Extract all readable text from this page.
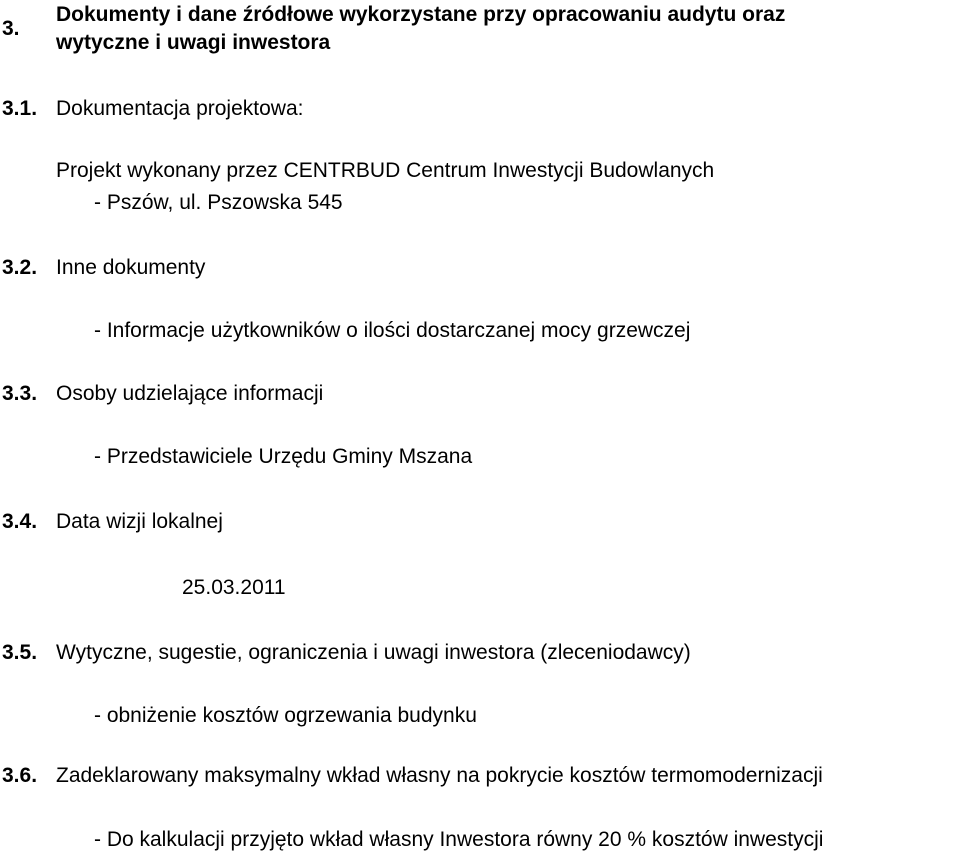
3.
Dokumenty i dane źródłowe wykorzystane przy opracowaniu audytu oraz
wytyczne i uwagi inwestora
3.1. Dokumentacja projektowa:
Projekt wykonany przez CENTRBUD Centrum Inwestycji Budowlanych
- Pszów, ul. Pszowska 545
3.2. Inne dokumenty
- Informacje użytkowników o ilości dostarczanej mocy grzewczej
3.3. Osoby udzielające informacji
- Przedstawiciele Urzędu Gminy Mszana
3.4. Data wizji lokalnej
25.03.2011
3.5. Wytyczne, sugestie, ograniczenia i uwagi inwestora (zleceniodawcy)
- obniżenie kosztów ogrzewania budynku
3.6. Zadeklarowany maksymalny wkład własny na pokrycie kosztów termomodernizacji
- Do kalkulacji przyjęto wkład własny Inwestora równy 20 % kosztów inwestycji
